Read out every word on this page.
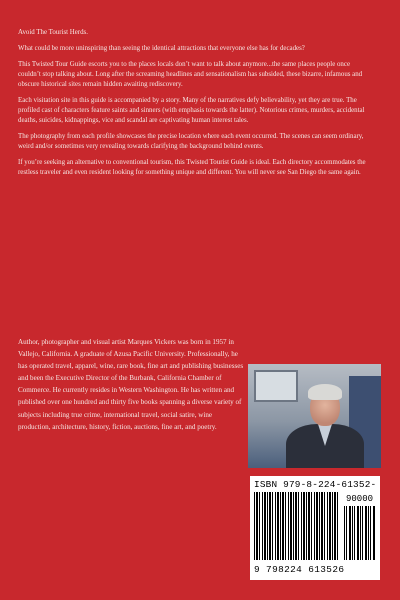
Avoid The Tourist Herds.

What could be more uninspiring than seeing the identical attractions that everyone else has for decades?

This Twisted Tour Guide escorts you to the places locals don’t want to talk about anymore...the same places people once couldn’t stop talking about. Long after the screaming headlines and sensationalism has subsided, these bizarre, infamous and obscure historical sites remain hidden awaiting rediscovery.

Each visitation site in this guide is accompanied by a story. Many of the narratives defy believability, yet they are true. The profiled cast of characters feature saints and sinners (with emphasis towards the latter). Notorious crimes, murders, accidental deaths, suicides, kidnappings, vice and scandal are captivating human interest tales.

The photography from each profile showcases the precise location where each event occurred. The scenes can seem ordinary, weird and/or sometimes very revealing towards clarifying the background behind events.

If you’re seeking an alternative to conventional tourism, this Twisted Tourist Guide is ideal. Each directory accommodates the restless traveler and even resident looking for something unique and different. You will never see San Diego the same again.

Author, photographer and visual artist Marques Vickers was born in 1957 in Vallejo, California. A graduate of Azusa Pacific University. Professionally, he has operated travel, apparel, wine, rare book, fine art and publishing businesses and been the Executive Director of the Burbank, California Chamber of Commerce. He currently resides in Western Washington. He has written and published over one hundred and thirty five books spanning a diverse variety of subjects including true crime, international travel, social satire, wine production, architecture, history, fiction, auctions, fine art, and poetry.
ISBN 979-8-224-61352-
90000
9 798224 613526
